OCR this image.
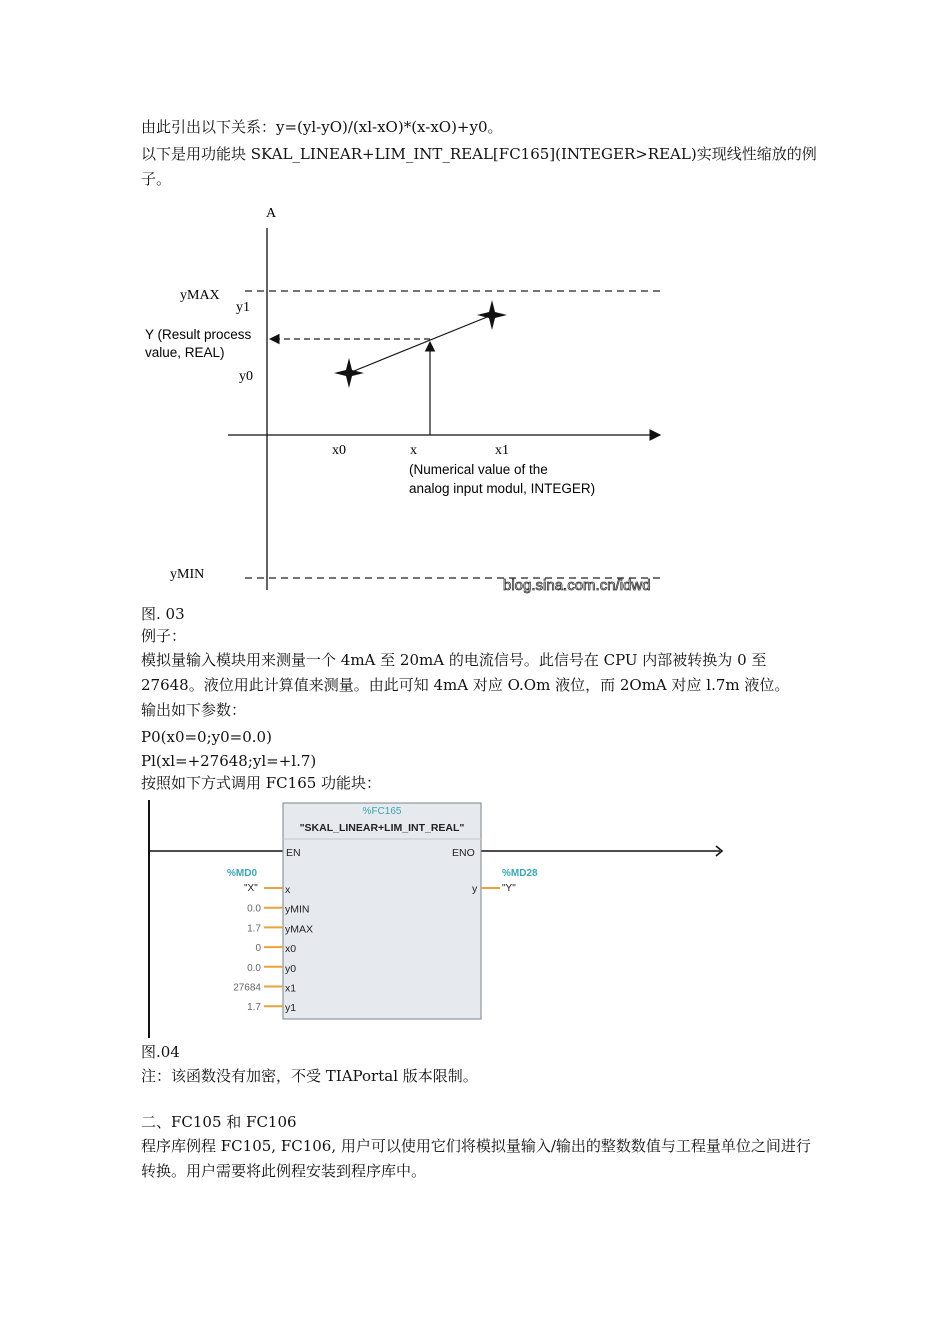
由此引出以下关系：y=(yl-yO)/(xl-xO)*(x-xO)+y0。
以下是用功能块 SKAL_LINEAR+LIM_INT_REAL[FC165](INTEGER>REAL)实现线性缩放的例子。
A
yMAX
y1
Y (Result process
value, REAL)
y0
x0	x	x1
(Numerical value of the
analog input modul, INTEGER)
yMIN
blog.sina.com.cn/idwd
图. 03
例子：
模拟量输入模块用来测量一个 4mA 至 20mA 的电流信号。此信号在 CPU 内部被转换为 0 至 27648。液位用此计算值来测量。由此可知 4mA 对应 O.Om 液位，而 2OmA 对应 l.7m 液位。
输出如下参数：
P0(x0=0;y0=0.0)
Pl(xl=+27648;yl=+l.7)
按照如下方式调用 FC165 功能块：
%FC165
"SKAL_LINEAR+LIM_INT_REAL"
EN	ENO
%MD0
"X"	y
%MD28
"Y"
x
yMIN
0.0
yMAX
1.7
x0
0
y0
0.0
x1
27684
y1
1.7
图.04
注：该函数没有加密，不受 TIAPortal 版本限制。
二、FC105 和 FC106
程序库例程 FC105, FC106, 用户可以使用它们将模拟量输入/输出的整数数值与工程量单位之间进行转换。用户需要将此例程安装到程序库中。
